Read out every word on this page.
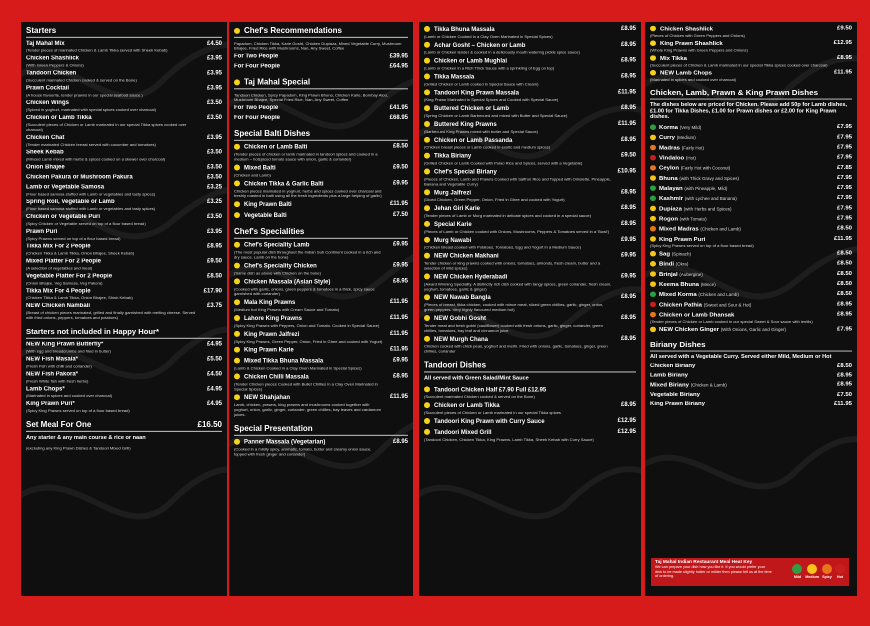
Starters
Taj Mahal Mix	£4.50
(Tender pieces of marinated Chicken & Lamb Tikka served with Sheek Kebab)
Chicken Shashlick	£3.95
(With Green Peppers & Onions)
Tandoori Chicken	£3.95
(Succulent marinated Chicken cooked & served on the Bone)
Prawn Cocktail	£3.95
(A house favourite, tender prawns in our special seafood sauce.)
Chicken Wings	£3.50
(Spiced in yoghurt, marinated with special spices cooked over charcoal)
Chicken or Lamb Tikka	£3.50
(Succulent pieces of Chicken or Lamb marinated in our special Tikka spices cooked over charcoal)
Chicken Chat	£3.95
(Tender marinated Chicken breast served with cucumber and tomatoes)
Sheek Kebab	£3.50
(Minced Lamb mixed with herbs & spices cooked on a skewer over charcoal)
Onion Bhajee	£3.50
Chicken Pakura or Mushroom Pakura	£3.50
Lamb or Vegetable Samosa	£3.25
(Flour based samosa stuffed with Lamb or vegetables and tasty spices)
Spring Roll, Vegetable or Lamb	£3.25
(Flour based samosa stuffed with Lamb or vegetables and tasty spices)
Chicken or Vegetable Puri	£3.50
(Spicy Chicken or Vegetable served on top of a flour based bread)
Prawn Puri	£3.95
(Spicy Prawns served on top of a flour based bread)
Tikka Mix For 2 People	£8.95
(Chicken Tikka & Lamb Tikka, Onion Bhajee, Sheek Kebab)
Mixed Platter For 2 People	£9.50
(A selection of vegetables and meat)
Vegetable Platter For 2 People	£8.50
(Onion Bhajee, Veg Samosa, Veg Pakora)
Tikka Mix For 4 People	£17.90
(Chicken Tikka & Lamb Tikka, Onion Bhajee, Shish Kebab)
NEW Chicken Nambali	£3.75
(Breast of chicken pieces marinated, grilled and finally garnished with melting cheese. Served with fried onions, peppers, tomatoes and potatoes)
Starters not included in Happy Hour*
NEW King Prawn Butterfly*	£4.95
(With egg and breadcrumbs and fried in butter)
NEW Fish Masala*	£5.50
(Fresh Fish with chilli and coriander)
NEW Fish Pakora*	£4.50
(Fresh White fish with fresh herbs)
Lamb Chops*	£4.95
(Marinated in spices and cooked over charcoal)
King Prawn Puri*	£4.95
(Spicy King Prawns served on top of a flour based bread)
Set Meal For One	£16.50
Any starter & any main course & rice or naan
(excluding any King Prawn Dishes & Tandoori Mixed Grill)
Chef's Recommendations
Papadom, Chicken Tikka, Karie Gosht, Chicken Dupiaza, Mixed Vegetable Curry, Mushroom Bhajee, Fried Rice with Mushrooms, Nan, Any Sweet, Coffee
For Two People	£39.95
For Four People	£64.95
Taj Mahal Special
Tandoori Chicken, Spicy Papadom, King Prawn Bhuna, Chicken Karie, Bombay Aloo, Mushroom Bhajee, Special Fried Rice, Nan, Any Sweet, Coffee
For Two People	£41.95
For Four People	£68.95
Special Balti Dishes
Chicken or Lamb Balti	£8.50
(Tender pieces of chicken or lamb marinated in tandoori spices and cooked in a medium – hotspiced tomato sauce with onion, garlic & coriander)
Mixed Balti	£9.50
(Chicken and Lamb)
Chicken Tikka & Garlic Balti	£9.95
Chicken pieces marinated in yoghurt, herbs and spices cooked over charcoal and freshly roasted in balti using all the fresh ingredients plus a large helping of garlic)
King Prawn Balti	£11.95
Vegetable Balti	£7.50
Chef's Specialities
Chef's Speciality Lamb	£9.95
(The most popular dish throughout the Indian Sub Continent cooked in a rich and dry sauce. Lamb on the bone)
Chef's Speciality Chicken	£9.95
(Same dish as above with Chicken on the bone)
Chicken Massala (Asian Style)	£8.95
(Cooked with garlic, onions, green peppers & tomatoes in a thick, spicy sauce garnished with coriander)
Mala King Prawns	£11.95
(Medium hot King Prawns with Cream Sauce and Tomato)
Lahore King Prawns	£11.95
(Spicy King Prawns with Peppers, Onion and Tomato. Cooked in Special Sauce)
King Prawn Jalfrezi	£11.95
(Spicy King Prawns, Green Pepper, Onion, Fried in Ghee and cooked with Yogurt)
King Prawn Karie	£11.95
Mixed Tikka Bhuna Massala	£9.95
(Lamb & Chicken Cooked in a Clay Oven Marinated in Special Spices)
Chicken Chilli Massala	£8.95
(Tender Chicken pieces Cooked with Bullet Chillies in a Clay Oven Marinated in Special Spices)
NEW Shahjahan	£11.95
Lamb, chicken, prawns, king prawns and mushrooms cooked together with yoghurt, onion, garlic, ginger, coriander, green chillies, bay leaves and cardamom juices.
Special Presentation
Panner Massala (Vegetarian)	£8.95
(Cooked in a mildly spicy, aromatic, tomato, butter and creamy onion sauce, topped with fresh ginger and coriander)
Tikka Bhuna Massala	£8.95
(Lamb or Chicken Cooked in a Clay Oven Marinated in Special Spices)
Achar Gosht – Chicken or Lamb	£8.95
(Lamb or Chicken tender & cooked in a deliciously mouth watering pickle spice sauce)
Chicken or Lamb Mughlai	£8.95
(Lamb or Chicken in a Rich Thick Sauce with a sprinkling of Egg on top)
Tikka Massala	£8.95
(Grilled Chicken or Lamb cooked in Special Sauce with Cream)
Tandoori King Prawn Massala	£11.95
(King Prawn Marinated in Special Spices and Cooked with Special Sauce)
Buttered Chicken or Lamb	£8.95
(Spring Chicken or Lamb Barbecued and mixed with Butter and Special Sauce)
Buttered King Prawns	£11.95
(Barbecued King Prawns mixed with butter and Special Sauce)
Chicken or Lamb Passanda	£8.95
(Chicken breast pieces or Lamb cooked in exotic and medium spices)
Tikka Biriany	£9.50
(Grilled Chicken or Lamb Cooked with Pulao Rice and Spices, served with a Vegetable)
Chef's Special Biriany	£10.95
(Pieces of Chicken, Lamb and Prawns Cooked with Saffron Rice and Topped with Omelette, Pineapple, Banana and Vegetable Curry)
Murg Jalfrezi	£8.95
(Diced Chicken, Green Pepper, Onion, Fried in Ghee and cooked with Yogurt)
Jehan Giri Karie	£8.95
(Tender pieces of Lamb or Murg marinated in delicate spices and cooked in a special sauce)
Special Karie	£8.95
(Pieces of Lamb or Chicken cooked with Onions, Mushrooms, Peppers & Tomatoes served in a 'Bowl')
Murg Nawabi	£9.95
(Chicken Breast cooked with Potatoes, Tomatoes, Egg and Yogurt in a Medium Sauce)
NEW Chicken Makhani	£9.95
Tender chicken or king prawns cooked with onions, tomatoes, almonds, fresh cream, butter and a selection of mild spices)
NEW Chicken Hyderabadi	£9.95
(Award Winning Speciality. A distinctly rich dish cooked with tangy spices, green coriander, fresh cream, yoghurt, tomatoes, garlic & ginger)
NEW Nawab Bangla	£8.95
(Pieces of breast, tikka chicken, cooked with mince meat, sliced green chillies, garlic, ginger, onion, green peppers. Very highly flavoured medium hot)
NEW Gobhi Gosht	£8.95
Tender meat and fresh gobhi (cauliflower) cooked with fresh onions, garlic, ginger, coriander, green chillies, tomatoes, bay leaf and cinnamon juice.
NEW Murgh Chana	£8.95
Chicken cooked with chick peas, yoghurt and methi. Fried with onions, garlic, tomatoes, ginger, green chillies, coriander
Tandoori Dishes
All served with Green Salad/Mint Sauce
Tandoori Chicken Half £7.90 Full £12.95
(Succulent marinated Chicken cooked & served on the Bone)
Chicken or Lamb Tikka	£8.95
(Succulent pieces of Chicken or Lamb marinated in our special Tikka spices
Tandoori King Prawn with Curry Sauce	£12.95
Tandoori Mixed Grill	£12.95
(Tandoori Chicken, Chicken Tikka, King Prawns, Lamb Tikka, Sheek Kebab with Curry Sauce)
Chicken Shashlick	£9.50
(Pieces of Chicken with Green Peppers and Onions)
King Prawn Shashlick	£12.95
(Whole King Prawns with Green Peppers and Onions)
Mix Tikka	£8.95
(Succulent pieces of Chicken & Lamb marinated in our special Tikka spices cooked over charcoal)
NEW Lamb Chops	£11.95
(Marinated in spices and cooked over charcoal)
Chicken, Lamb, Prawn & King Prawn Dishes
The dishes below are priced for Chicken. Please add 50p for Lamb dishes, £1.00 for Tikka Dishes, £1.00 for Prawn dishes or £2.00 for King Prawn dishes.
Korma (Very Mild)	£7.95
Curry (Medium)	£7.95
Madras (Fairly Hot)	£7.95
Vindaloo (Hot)	£7.95
Ceylon (Fairly Hot with Coconut)	£7.85
Bhuna (with Thick Gravy and Spices)	£7.95
Malayan (with Pineapple, Mild)	£7.95
Kashmir (with Lychee and Banana)	£7.95
Dupiaza (with Herbs and Spices)	£7.95
Rogon (with Tomato)	£7.95
Mixed Madras (Chicken and Lamb)	£8.50
King Prawn Puri	£11.95
(Spicy King Prawns served on top of a flour based bread)
Sag (Spinach)	£8.50
Bindi (Okra)	£8.50
Brinjal (Aubergine)	£8.50
Keema Bhuna (Mince)	£8.50
Mixed Korma (Chicken and Lamb)	£8.50
Chicken Pathia (Sweet and Sour & Hot)	£8.95
Chicken or Lamb Dhansak	£8.95
(Tender pieces of Chicken or Lamb cooked in our special Sweet & Sour sauce with lentils)
NEW Chicken Ginger (With Onions, Garlic and Ginger)	£7.95
Biriany Dishes
All served with a Vegetable Curry. Served either Mild, Medium or Hot
Chicken Biriany	£8.50
Lamb Biriany	£8.95
Mixed Biriany (Chicken & Lamb)	£8.95
Vegetable Biriany	£7.50
King Prawn Biriany	£11.95
Taj Mahal Indian Restaurant Meal Heat Key
We can prepare your dish how you like it. If you would prefer your dish to be made slightly hotter or milder then please tell us at the time of ordering.	Mild	Medium Spicy	Hot
